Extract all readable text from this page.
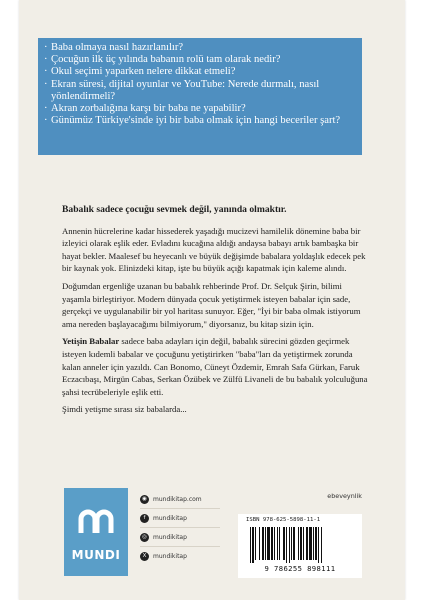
· Baba olmaya nasıl hazırlanılır?
· Çocuğun ilk üç yılında babanın rolü tam olarak nedir?
· Okul seçimi yaparken nelere dikkat etmeli?
· Ekran süresi, dijital oyunlar ve YouTube: Nerede durmalı, nasıl yönlendirmeli?
· Akran zorbalığına karşı bir baba ne yapabilir?
· Günümüz Türkiye'sinde iyi bir baba olmak için hangi beceriler şart?

Babalık sadece çocuğu sevmek değil, yanında olmaktır.

Annenin hücrelerine kadar hissederek yaşadığı mucizevi hamilelik dönemine baba bir izleyici olarak eşlik eder. Evladını kucağına aldığı andaysa babayı artık bambaşka bir hayat bekler. Maalesef bu heyecanlı ve büyük değişimde babalara yoldaşlık edecek pek bir kaynak yok. Elinizdeki kitap, işte bu büyük açığı kapatmak için kaleme alındı.

Doğumdan ergenliğe uzanan bu babalık rehberinde Prof. Dr. Selçuk Şirin, bilimi yaşamla birleştiriyor. Modern dünyada çocuk yetiştirmek isteyen babalar için sade, gerçekçi ve uygulanabilir bir yol haritası sunuyor. Eğer, "İyi bir baba olmak istiyorum ama nereden başlayacağımı bilmiyorum," diyorsanız, bu kitap sizin için.

Yetişin Babalar sadece baba adayları için değil, babalık sürecini gözden geçirmek isteyen kıdemli babalar ve çocuğunu yetiştirirken "baba"ları da yetiştirmek zorunda kalan anneler için yazıldı. Can Bonomo, Cüneyt Özdemir, Emrah Safa Gürkan, Faruk Eczacıbaşı, Mirgün Cabas, Serkan Özübek ve Zülfü Livaneli de bu babalık yolculuğuna şahsi tecrübeleriyle eşlik etti.

Şimdi yetişme sırası siz babalarda...

MUNDI
◉	mundikitap.com
f	mundikitap
◎	mundikitap
X	mundikitap
ebeveynlik
ISBN 978-625-5898-11-1
9 786255 898111
